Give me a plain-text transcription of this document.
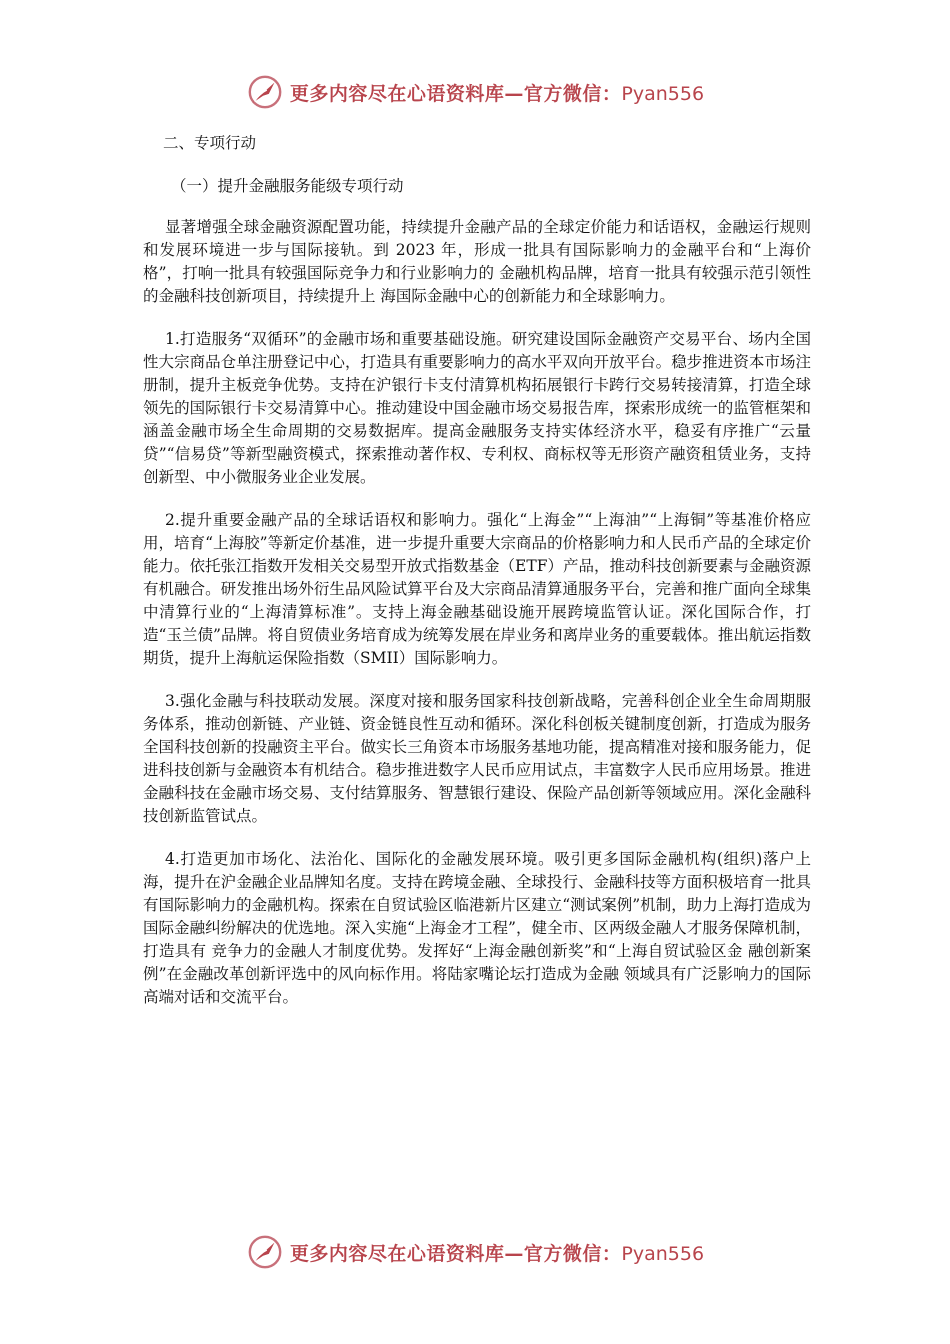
更多内容尽在心语资料库—官方微信：Pyan556

二、专项行动

（一）提升金融服务能级专项行动

显著增强全球金融资源配置功能，持续提升金融产品的全球定价能力和话语权，金融运行规则和发展环境进一步与国际接轨。到 2023 年，形成一批具有国际影响力的金融平台和“上海价格”，打响一批具有较强国际竞争力和行业影响力的 金融机构品牌，培育一批具有较强示范引领性的金融科技创新项目，持续提升上 海国际金融中心的创新能力和全球影响力。

1.打造服务“双循环”的金融市场和重要基础设施。研究建设国际金融资产交易平台、场内全国性大宗商品仓单注册登记中心，打造具有重要影响力的高水平双向开放平台。稳步推进资本市场注册制，提升主板竞争优势。支持在沪银行卡支付清算机构拓展银行卡跨行交易转接清算，打造全球领先的国际银行卡交易清算中心。推动建设中国金融市场交易报告库，探索形成统一的监管框架和涵盖金融市场全生命周期的交易数据库。提高金融服务支持实体经济水平，稳妥有序推广“云量贷”“信易贷”等新型融资模式，探索推动著作权、专利权、商标权等无形资产融资租赁业务，支持创新型、中小微服务业企业发展。

2.提升重要金融产品的全球话语权和影响力。强化“上海金”“上海油”“上海铜”等基准价格应用，培育“上海胶”等新定价基准，进一步提升重要大宗商品的价格影响力和人民币产品的全球定价能力。依托张江指数开发相关交易型开放式指数基金（ETF）产品，推动科技创新要素与金融资源有机融合。研发推出场外衍生品风险试算平台及大宗商品清算通服务平台，完善和推广面向全球集中清算行业的“上海清算标准”。支持上海金融基础设施开展跨境监管认证。深化国际合作，打造“玉兰债”品牌。将自贸债业务培育成为统筹发展在岸业务和离岸业务的重要载体。推出航运指数期货，提升上海航运保险指数（SMII）国际影响力。

3.强化金融与科技联动发展。深度对接和服务国家科技创新战略，完善科创企业全生命周期服务体系，推动创新链、产业链、资金链良性互动和循环。深化科创板关键制度创新，打造成为服务全国科技创新的投融资主平台。做实长三角资本市场服务基地功能，提高精准对接和服务能力，促进科技创新与金融资本有机结合。稳步推进数字人民币应用试点，丰富数字人民币应用场景。推进金融科技在金融市场交易、支付结算服务、智慧银行建设、保险产品创新等领域应用。深化金融科技创新监管试点。

4.打造更加市场化、法治化、国际化的金融发展环境。吸引更多国际金融机构(组织)落户上海，提升在沪金融企业品牌知名度。支持在跨境金融、全球投行、金融科技等方面积极培育一批具有国际影响力的金融机构。探索在自贸试验区临港新片区建立“测试案例”机制，助力上海打造成为国际金融纠纷解决的优选地。深入实施“上海金才工程”，健全市、区两级金融人才服务保障机制，打造具有 竞争力的金融人才制度优势。发挥好“上海金融创新奖”和“上海自贸试验区金 融创新案例”在金融改革创新评选中的风向标作用。将陆家嘴论坛打造成为金融 领域具有广泛影响力的国际高端对话和交流平台。

更多内容尽在心语资料库—官方微信：Pyan556
